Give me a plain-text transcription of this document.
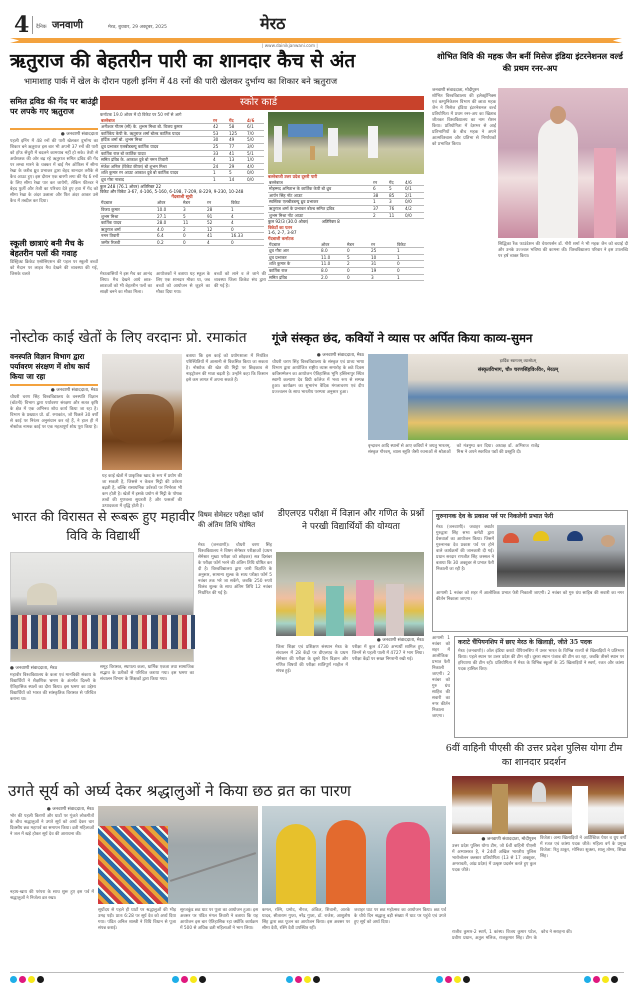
4 दैनिक जनवाणी	मेरठ, बुधवार, 29 अक्टूबर, 2025	मेरठ
| www.dainikjanwani.com |
ऋतुराज की बेहतरीन पारी का शानदार कैच से अंत
भामाशाह पार्क में खेल के दौरान पहली इनिंग में 48 रनों की पारी खेलकर दुर्भाग्य का शिकार बने ऋतुराज
समित द्रविड की गेंद पर बाउंड्री पर लपके गए ऋतुराज
● जनवाणी संवाददाता
पहली इनिंग में 48 रनों की पारी खेलकर दुर्भाग्य का शिकार बने ऋतुराज इस बार भी अपनी 37 रनों की पारी को हॉफ सेंचुरी में बदलने कामयाब नहीं हो सके। तेजी से अर्धशतक की ओर बढ़ रहे ऋतुराज समित द्रविड की गेंद पर लम्बा मारने के चक्कर में बाई मैन ऑफिस में सीमा रेखा के करीब ध्रुव प्रभाकर द्वारा बेहद शानदार तरीके से कैच आउट हुए। इस दौरान एक बारगी लगा की गेंद 6 रनों के लिए सीमा रेखा पार कर जायेगी, लेकिन फील्डर ने बेहद फुर्ती और तेजी का परिचय देते हुए हवा में गेंद को सीमा रेखा के अंदर उछाला और फिर अंदर आकर उसे कैच में तब्दील कर दिया।
स्कूली छात्राएं बनी मैच के बेहतरीन पलों की गवाह
डिस्ट्रिक्ट क्रिकेट एसोसिएशन की पहल पर स्कूली बच्चों को मैदान पर लाइव मैच देखने की व्यवस्था की गई, जिसके चलते
स्कोर कार्ड
कर्नाटक 19.0 ओवर में दो विकेट पर 50 रनों से आगे
बल्लेबाज	रन	गेंद	4/6
अनीश्वर गौतम (सी) के. शुभम मिश्रा बो. विजय कुमार	42	58	6/1
कार्तिकेय केपी के. ऋतुराज शर्मा बोल्ड कार्तिक यादव	53	125	7/0
हर्दिक शर्मा बो. शुभम मिश्रा	30	49	5/0
ध्रुव प्रभाकर एलबीडब्ल्यू कार्तिक यादव	25	77	3/0
कार्तिक राज बो कार्तिक यादव	33	41	5/1
समित द्रविड के. आकाश दुबे बो नमन तिवारी	4	13	1/0
मंजेश अनिल (विकेट कीपर) बो शुभम मिश्रा	24	29	4/0
शशि कुमार रन आउट आकाश दुबे बो कार्तिक यादव	1	5	0/0
ध्रुव गोरा नाबाद	1	14	0/0
कुल 248 (76.1 ओवर) अतिरिक्त 22
विकेट और विकेट 3-67, 4-106, 5-160, 6-198, 7-209, 8-229, 9-230, 10-248
गेंदबाजी सूची
गेंदबाज	ओवर	मेडन	रन	विकेट
विजय कुमार	10.0	3	28	1
शुभम मिश्रा	27.1	5	91	4
कार्तिक यादव	28.0	11	52	4
ऋतुराज शर्मा	4.0	2	12	0
नमन तिवारी	6.4	0	41	16.33
जमीर रिजवी	0.2	0	4	0
बल्लेबाजी उत्तर प्रदेश दूसरी पारी
बल्लेबाज	रन	गेंद	4/6
मोहम्मद अमिताभ के कार्तिक केपी बो ध्रुव	6	5	0/1
आर्यन सिंह नॉट आउट	38	85	2/1
स्वस्तिक एलबीडब्ल्यू ध्रुव प्रभाकर	1	3	0/0
ऋतुराज शर्मा के प्रभाकर बोल्ड समित द्रविड	37	76	4/2
शुभम मिश्रा नॉट आउट	2	11	0/0
कुल 92/3 (30.0 ओवर)          अतिरिक्त 8
विकेटों का पतन
1-6, 2-7, 3-87
गेंदबाजी कर्नाटक
गेंदबाज	ओवर	मेडन	रन	विकेट
ध्रुव गौरा आर	8.0	0	25	1
ध्रुव प्रभाकर	11.0	5	10	1
शशि कुमार के	11.0	2	31	0
कार्तिक राज	8.0	0	19	0
समित द्रविड	2.0	0	3	1
मेरठवासियों ने इस मैच का आनंद लिया। मैच देखने आये छात्र-छात्राओं को भी बेहतरीन पलों का साक्षी बनने का मौका मिला।
आयोजकों ने बताया यह स्कूल के लिए एक शानदार मौका था, जब बच्चों को आयोजन से जुड़ने का मौका दिया गया।
बच्चों को लाने व ले जाने की व्यवस्था जिला क्रिकेट संघ द्वारा की गई है।
शोभित विवि की महक जैन बनीं मिसेज इंडिया इंटरनेशनल वर्ल्ड की प्रथम रनर-अप
जनवाणी संवाददाता, मोदीपुरम
शोभित विश्वविद्यालय की इलेक्ट्रॉनिक्स एवं कम्युनिकेशन विभाग की छात्रा महक जैन ने मिसेज इंडिया इंटरनेशनल वर्ल्ड प्रतियोगिता में प्रथम रनर-अप का खिताब जीतकर विश्वविद्यालय का नाम रोशन किया। प्रतियोगिता में देशभर से आई प्रतिभागियों के बीच महक ने अपने आत्मविश्वास और प्रतिभा से निर्णायकों को प्रभावित किया।
सिद्धिका रैंक फाउंडेशन की चेयरपर्सन डॉ. गौरी शर्मा ने भी महक जैन को बधाई दी और उनके उज्ज्वल भविष्य की कामना की। विश्वविद्यालय परिवार ने इस उपलब्धि पर हर्ष व्यक्त किया।
नोस्टोक काई खेतों के लिए वरदानः प्रो. रमाकांत
वनस्पति विज्ञान विभाग द्वारा पर्यावरण संरक्षण में शोध कार्य किया जा रहा
● जनवाणी संवाददाता, मेरठ
चौधरी चरण सिंह विश्वविद्यालय के वनस्पति विज्ञान (बॉटनी) विभाग द्वारा पर्यावरण संरक्षण और सतत कृषि के क्षेत्र में एक अभिनव शोध कार्य किया जा रहा है। विभाग के प्रख्यात प्रो. डॉ. रमाकांत, जो पिछले 30 वर्षों से काई पर निरंतर अनुसंधान कर रहे हैं, ने हाल ही में नोस्टोक नामक काई पर एक महत्वपूर्ण शोध पूरा किया है।
यह काई खेतों में प्राकृतिक खाद के रूप में प्रयोग की जा सकती है, जिससे न केवल मिट्टी की उर्वरता बढ़ती है, बल्कि रासायनिक उर्वरकों पर निर्भरता भी कम होती है। खेतों में इसके प्रयोग से मिट्टी के पोषक तत्वों की गुणवत्ता सुधरती है और फसलों की उत्पादकता में वृद्धि होती है।
बताया कि इस काई को प्रयोगशाला में नियंत्रित परिस्थितियों में आसानी से विकसित किया जा सकता है। नोस्टोक की खेत की मिट्टी पर छिड़काव से नाइट्रोजन की मात्रा बढ़ती है। उन्होंने कहा कि किसान इसे कम लागत में अपना सकते हैं।
गूंजे संस्कृत छंद, कवियों ने व्यास पर अर्पित किया काव्य-सुमन
● जनवाणी संवाददाता, मेरठ
चौधरी चरण सिंह विश्वविद्यालय के संस्कृत एवं प्राच्य भाषा विभाग द्वारा आयोजित राष्ट्रीय व्यास समारोह के छठे दिवस कविसम्मेलन का आयोजन ऐतिहासिक भूमि हस्तिनापुर स्थित स्वामी कल्याण देव डिग्री कॉलेज में भव्य रूप से सम्पन्न हुआ। कार्यक्रम का शुभारंभ वैदिक मंगलाचरण एवं दीप प्रज्ज्वलन के साथ भारतीय परम्परा अनुसार हुआ।
हार्दिक स्वागतम् व्यासोऽम्
संस्कृतविभाग, चौ० चरणसिंहवि०वि०, मेरठम्
वृन्दावन आदि स्थानों से आए कवियों ने जयतु भारतम्, संस्कृत गौरवम्, व्यास स्तुति जैसी रचनाओं से श्रोताओं को मंत्रमुग्ध कर दिया। अध्यक्ष डॉ. अभिराज राजेंद्र मिश्र ने अपने स्वरचित पद्यों की प्रस्तुति दी।
भारत की विरासत से रूबरू हुए महावीर विवि के विद्यार्थी
● जनवाणी संवाददाता, मेरठ
महावीर विश्वविद्यालय के कला एवं मानविकी संकाय के विद्यार्थियों ने शैक्षणिक भ्रमण के अंतर्गत दिल्ली के ऐतिहासिक स्थलों का दौरा किया। इस भ्रमण का उद्देश्य विद्यार्थियों को भारत की सांस्कृतिक विरासत से परिचित कराना था।
समूह विरासत, स्थापत्य कला, धार्मिक एकता तथा सामाजिक सद्भाव के प्रतीकों से परिचित कराया गया। इस भ्रमण का संचालन विभाग के शिक्षकों द्वारा किया गया।
विषम सेमेस्टर परीक्षा फॉर्म की अंतिम तिथि घोषित
मेरठ (जनवाणी)। चौधरी चरण सिंह विश्वविद्यालय ने विषम सेमेस्टर परीक्षाओं (प्रथम सेमेस्टर मुख्य परीक्षा को छोड़कर) सत्र दिसंबर के परीक्षा फॉर्म भरने की अंतिम तिथि घोषित कर दी है। विश्वविद्यालय द्वारा जारी विज्ञप्ति के अनुसार, सामान्य शुल्क के साथ परीक्षा फॉर्म 5 नवंबर तक भरे जा सकेंगे, जबकि 250 रुपये विलंब शुल्क के साथ अंतिम तिथि 12 नवंबर निर्धारित की गई है।
डीएलएड परीक्षा में विज्ञान और गणित के प्रश्नों ने परखी विद्यार्थियों की योग्यता
● जनवाणी संवाददाता, मेरठ
जिला शिक्षा एवं प्रशिक्षण संस्थान मेरठ के संचालन में 28 केंद्रों पर डीएलएड के प्रथम सेमेस्टर की परीक्षा के दूसरे दिन विज्ञान और गणित विषयों की परीक्षा शांतिपूर्ण माहौल में संपन्न हुई।
परीक्षा में कुल 4730 अभ्यर्थी शामिल हुए, जिनमें से पहली पाली में 4727 ने भाग लिया। परीक्षा केंद्रों पर सख्त निगरानी रखी गई।
गुरुनानक देव के प्रकाश पर्व पर निकलेगी प्रभात फेरी
मेरठ (जनवाणी)। जवाहर क्वार्टर गुरुद्वारा सिंह सभा कमेटी द्वारा प्रेसवार्ता का आयोजन किया। जिसमें गुरुनानक देव प्रकाश पर्व पर होने वाले कार्यक्रमों की जानकारी दी गई। प्रधान सरदार रणजीत सिंह जस्सल ने बताया कि 30 अक्टूबर से प्रभात फेरी निकाली जा रही है।
आगामी 1 नवंबर को शहर में आलौकिक प्रभात फेरी निकाली जाएगी। 2 नवंबर को गुरु ग्रंथ साहिब की सवारी का नगर कीर्तन निकाला जाएगा।
आगामी 1 नवंबर को शहर में आलौकिक प्रभात फेरी निकाली जाएगी। 2 नवंबर को गुरु ग्रंथ साहिब की सवारी का नगर कीर्तन निकाला जाएगा।
कराटे चैंपियनशिप में छाए मेरठ के खिलाड़ी, जीते 35 पदक
मेरठ (जनवाणी)। ऑल इंडिया कराटे चैंपियनशिप में उत्तर भारत के विभिन्न राज्यों से खिलाड़ियों ने प्रतिभाग किया। पहले स्थान पर उत्तर प्रदेश की टीम रही। दूसरा स्थान पंजाब की टीम का रहा, जबकि तीसरे स्थान पर हरियाणा की टीम रही। प्रतियोगिता में मेरठ के विभिन्न स्कूलों के 35 खिलाड़ियों ने स्वर्ण, रजत और कांस्य पदक हासिल किए।
6वीं वाहिनी पीएसी की उत्तर प्रदेश पुलिस योगा टीम का शानदार प्रदर्शन
● जनवाणी संवाददाता, मोदीपुरम
उत्तर प्रदेश पुलिस योगा टीम, जो 6वीं वाहिनी पीएसी में अभ्यासरत है, ने 24वीं अखिल भारतीय पुलिस भारोत्तोलन क्लस्टर प्रतियोगिता (13 से 17 अक्टूबर, अमरावती, आंध्र प्रदेश) में उत्कृष्ट प्रदर्शन करते हुए कुल पदक जीते।
विजेता। अन्य खिलाड़ियों ने आर्टिस्टिक पेयर व ग्रुप वर्गों में रजत एवं कांस्य पदक जीते। महिला वर्ग के प्रमुख विजेता: रितु ठाकुर, मोनिका शुक्ला, शालू तोमर, शिखा सिंह।
उगते सूर्य को अर्घ्य देकर श्रद्धालुओं ने किया छठ व्रत का पारण
● जनवाणी संवाददाता, मेरठ
भोर की पहली किरणों और घाटों पर गूंजते लोकगीतों के बीच श्रद्धालुओं ने उगते सूर्य को अर्घ्य देकर चार दिवसीय छठ महापर्व का समापन किया। व्रती महिलाओं ने जल में खड़े होकर सूर्य देव की आराधना की।
नहाय-खाय की परंपरा के साथ शुरू हुए इस पर्व में श्रद्धालुओं ने निर्जला व्रत रखा।
सूर्योदय से पहले ही घाटों पर श्रद्धालुओं की भीड़ उमड़ पड़ी। प्रातः 6:28 पर सूर्य देव को अर्घ्य दिया गया। पंडित अनिल शास्त्री ने विधि विधान से पूजा संपन्न कराई।
सूरजकुंड छठ घाट पर पूजा का आयोजन हुआ। इस अवसर पर पंडित मंगल तिवारी ने बताया कि यह आयोजन इस बार ऐतिहासिक रहा क्योंकि कार्यक्रम में 500 से अधिक व्रती महिलाओं ने भाग लिया।
कमल, रश्मि, प्रमोद, नीरज, अंकित, शिवानी, आरके यादव, सीताराम गुप्ता, नरेंद्र गुप्ता, डॉ. राजेश, आशुतोष सिंह द्वारा छठ पूजन का आयोजन किया। इस अवसर पर सीमा देवी, रश्मि देवी उपस्थित रहीं।
जवाहर घाट पर छठ महोत्सव का आयोजन किया। छठ पर्व के चौथे दिन श्रद्धालु बड़ी संख्या में घाट पर पहुंचे एवं उगते हुए सूर्य को अर्घ्य दिया।
राजीव कुमार-2 स्वर्ण, 1 कांस्य। विजय कुमार पटेल, प्रवीण प्रधान, अतुल मलिक, राजकुमार सिंह। टीम के कोच ने सराहना की।
